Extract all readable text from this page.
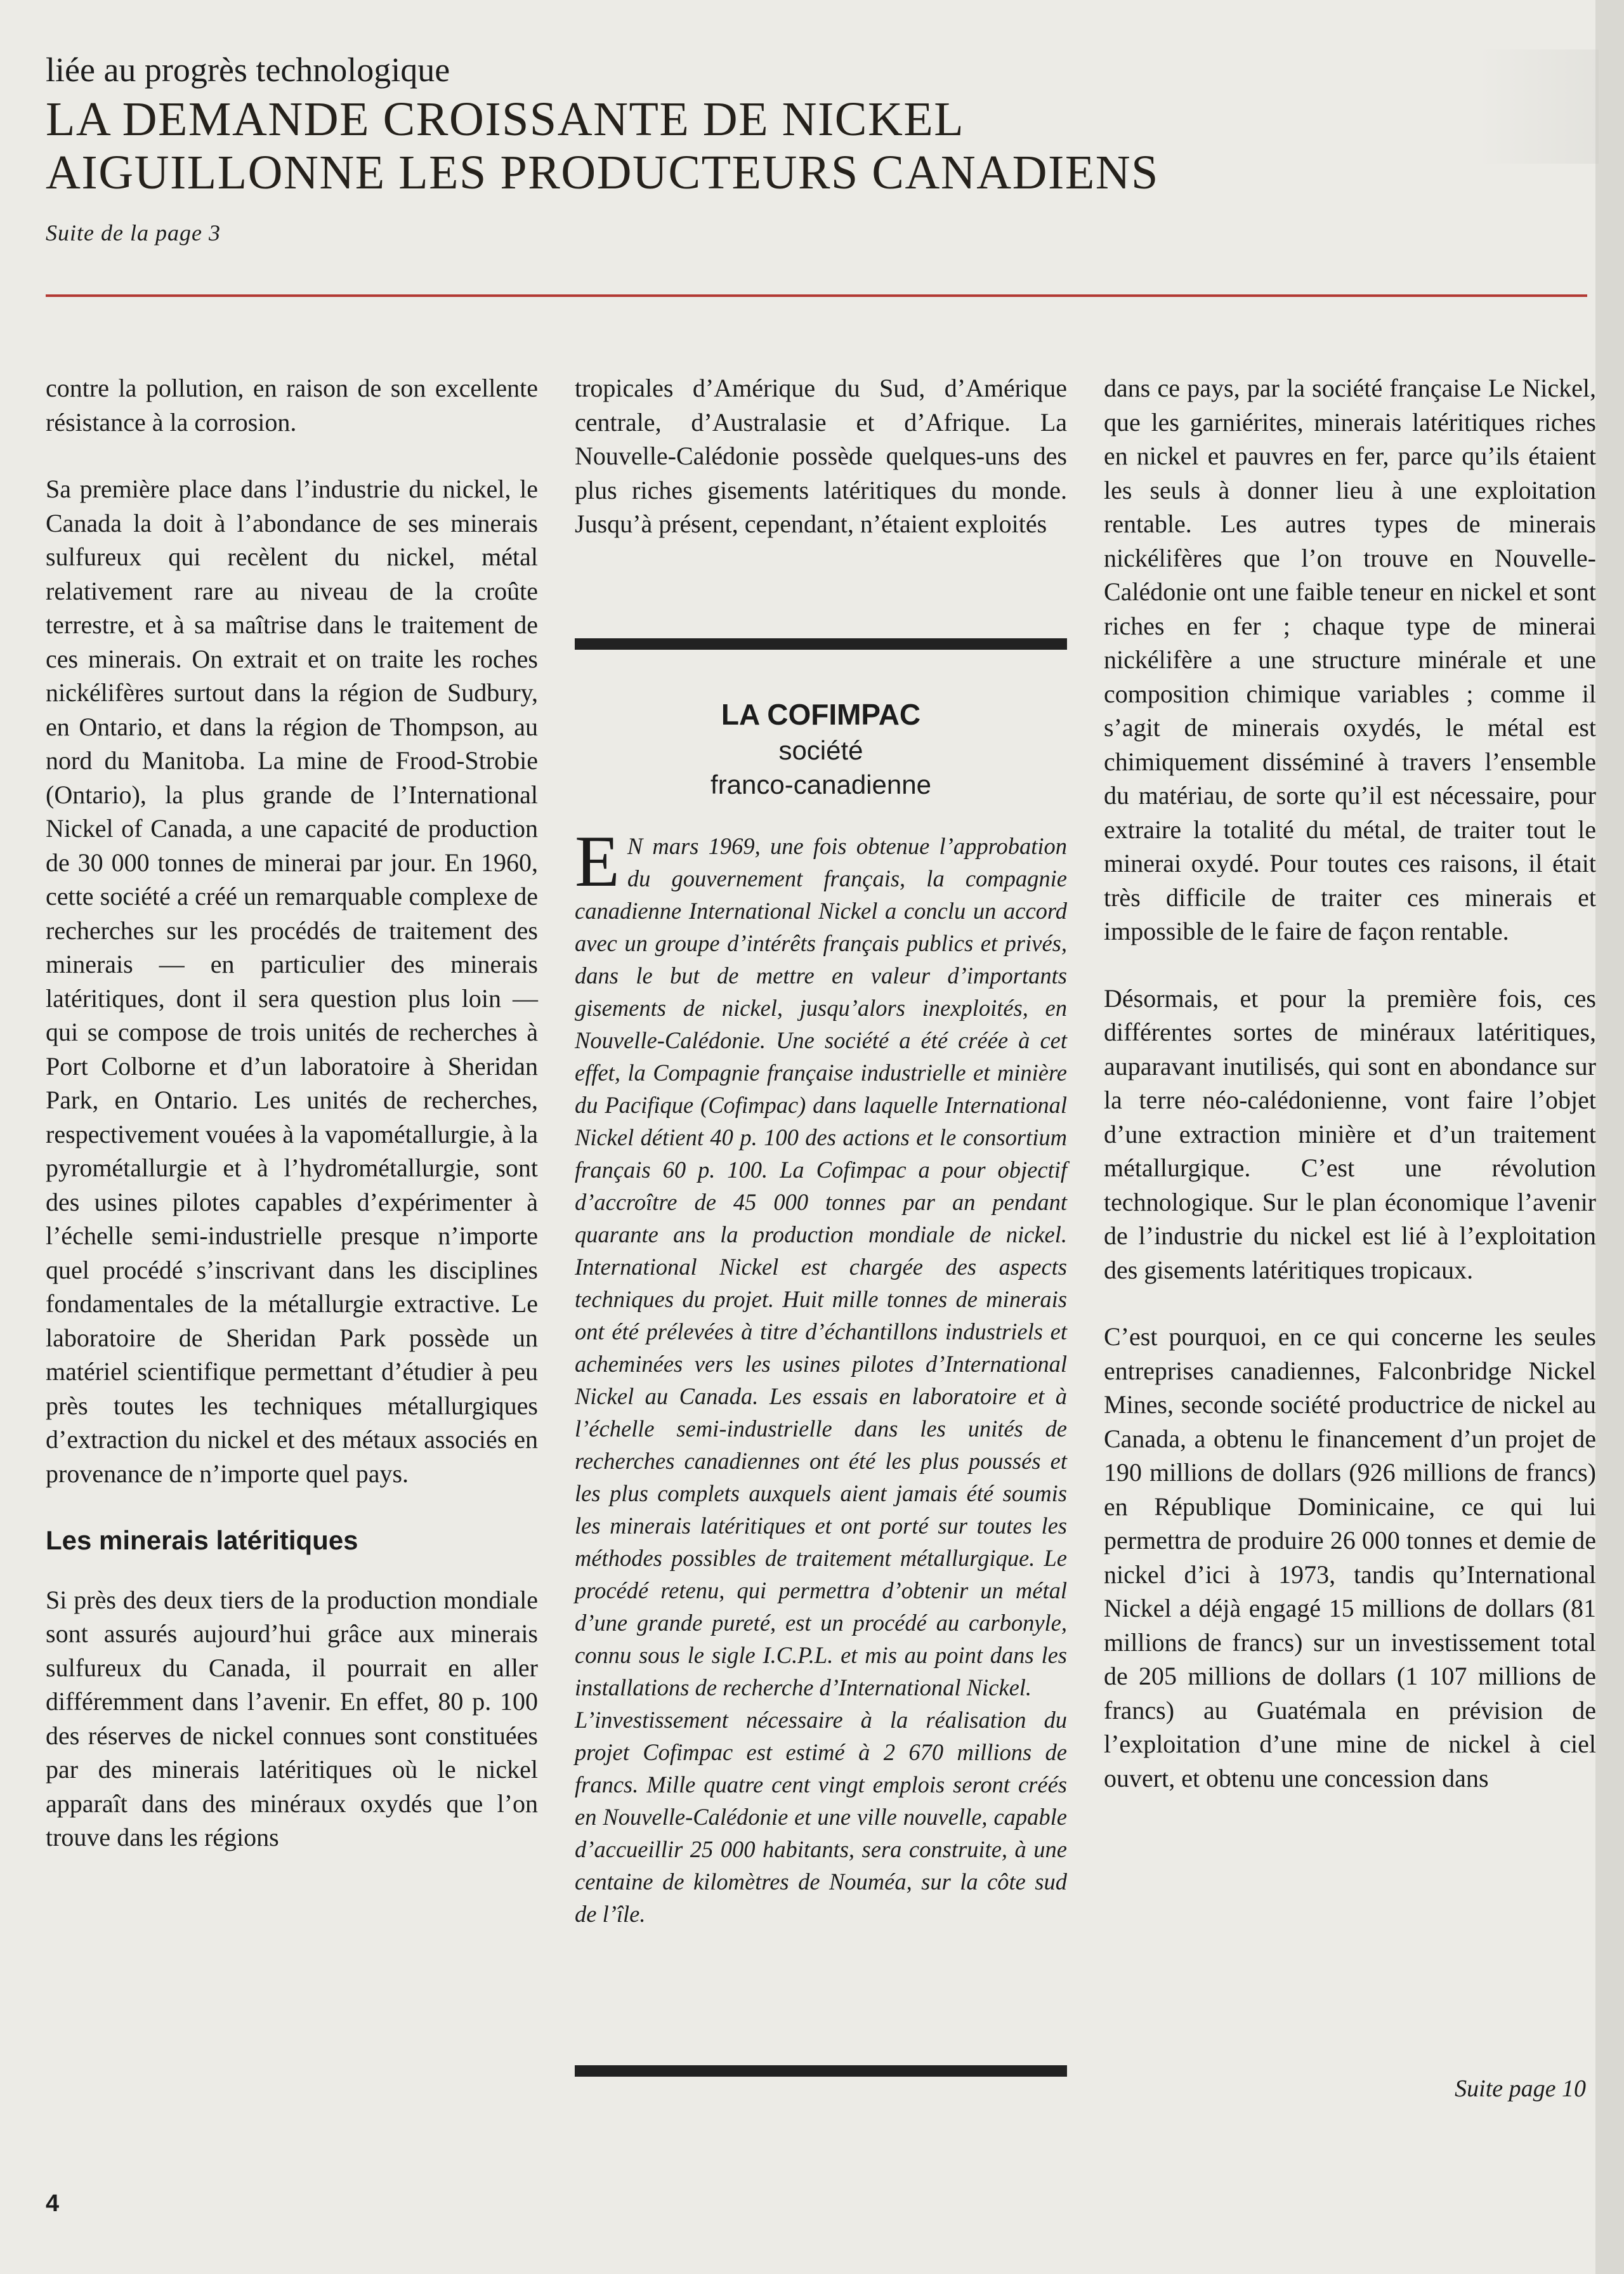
liée au progrès technologique

LA DEMANDE CROISSANTE DE NICKEL
AIGUILLONNE LES PRODUCTEURS CANADIENS
Suite de la page 3

contre la pollution, en raison de son excellente résistance à la corrosion.

Sa première place dans l’industrie du nickel, le Canada la doit à l’abondance de ses minerais sulfureux qui recèlent du nickel, métal relativement rare au niveau de la croûte terrestre, et à sa maîtrise dans le traitement de ces minerais. On extrait et on traite les roches nickélifères surtout dans la région de Sudbury, en Ontario, et dans la région de Thompson, au nord du Manitoba. La mine de Frood-Strobie (Ontario), la plus grande de l’International Nickel of Canada, a une capacité de production de 30 000 tonnes de minerai par jour. En 1960, cette société a créé un remarquable complexe de recherches sur les procédés de traitement des minerais — en particulier des minerais latéritiques, dont il sera question plus loin — qui se compose de trois unités de recherches à Port Colborne et d’un laboratoire à Sheridan Park, en Ontario. Les unités de recherches, respectivement vouées à la vapométallurgie, à la pyrométallurgie et à l’hydrométallurgie, sont des usines pilotes capables d’expérimenter à l’échelle semi-industrielle presque n’importe quel procédé s’inscrivant dans les disciplines fondamentales de la métallurgie extractive. Le laboratoire de Sheridan Park possède un matériel scientifique permettant d’étudier à peu près toutes les techniques métallurgiques d’extraction du nickel et des métaux associés en provenance de n’importe quel pays.

Les minerais latéritiques

Si près des deux tiers de la production mondiale sont assurés aujourd’hui grâce aux minerais sulfureux du Canada, il pourrait en aller différemment dans l’avenir. En effet, 80 p. 100 des réserves de nickel connues sont constituées par des minerais latéritiques où le nickel apparaît dans des minéraux oxydés que l’on trouve dans les régions

tropicales d’Amérique du Sud, d’Amérique centrale, d’Australasie et d’Afrique. La Nouvelle-Calédonie possède quelques-uns des plus riches gisements latéritiques du monde. Jusqu’à présent, cependant, n’étaient exploités

LA COFIMPAC

société
franco-canadienne

E N mars 1969, une fois obtenue l’approbation du gouvernement français, la compagnie canadienne International Nickel a conclu un accord avec un groupe d’intérêts français publics et privés, dans le but de mettre en valeur d’importants gisements de nickel, jusqu’alors inexploités, en Nouvelle-Calédonie. Une société a été créée à cet effet, la Compagnie française industrielle et minière du Pacifique (Cofimpac) dans laquelle International Nickel détient 40 p. 100 des actions et le consortium français 60 p. 100. La Cofimpac a pour objectif d’accroître de 45 000 tonnes par an pendant quarante ans la production mondiale de nickel. International Nickel est chargée des aspects techniques du projet. Huit mille tonnes de minerais ont été prélevées à titre d’échantillons industriels et acheminées vers les usines pilotes d’International Nickel au Canada. Les essais en laboratoire et à l’échelle semi-industrielle dans les unités de recherches canadiennes ont été les plus poussés et les plus complets auxquels aient jamais été soumis les minerais latéritiques et ont porté sur toutes les méthodes possibles de traitement métallurgique. Le procédé retenu, qui permettra d’obtenir un métal d’une grande pureté, est un procédé au carbonyle, connu sous le sigle I.C.P.L. et mis au point dans les installations de recherche d’International Nickel.

L’investissement nécessaire à la réalisation du projet Cofimpac est estimé à 2 670 millions de francs. Mille quatre cent vingt emplois seront créés en Nouvelle-Calédonie et une ville nouvelle, capable d’accueillir 25 000 habitants, sera construite, à une centaine de kilomètres de Nouméa, sur la côte sud de l’île.

dans ce pays, par la société française Le Nickel, que les garniérites, minerais latéritiques riches en nickel et pauvres en fer, parce qu’ils étaient les seuls à donner lieu à une exploitation rentable. Les autres types de minerais nickélifères que l’on trouve en Nouvelle-Calédonie ont une faible teneur en nickel et sont riches en fer ; chaque type de minerai nickélifère a une structure minérale et une composition chimique variables ; comme il s’agit de minerais oxydés, le métal est chimiquement disséminé à travers l’ensemble du matériau, de sorte qu’il est nécessaire, pour extraire la totalité du métal, de traiter tout le minerai oxydé. Pour toutes ces raisons, il était très difficile de traiter ces minerais et impossible de le faire de façon rentable.

Désormais, et pour la première fois, ces différentes sortes de minéraux latéritiques, auparavant inutilisés, qui sont en abondance sur la terre néo-calédonienne, vont faire l’objet d’une extraction minière et d’un traitement métallurgique. C’est une révolution technologique. Sur le plan économique l’avenir de l’industrie du nickel est lié à l’exploitation des gisements latéritiques tropicaux.

C’est pourquoi, en ce qui concerne les seules entreprises canadiennes, Falconbridge Nickel Mines, seconde société productrice de nickel au Canada, a obtenu le financement d’un projet de 190 millions de dollars (926 millions de francs) en République Dominicaine, ce qui lui permettra de produire 26 000 tonnes et demie de nickel d’ici à 1973, tandis qu’International Nickel a déjà engagé 15 millions de dollars (81 millions de francs) sur un investissement total de 205 millions de dollars (1 107 millions de francs) au Guatémala en prévision de l’exploitation d’une mine de nickel à ciel ouvert, et obtenu une concession dans

Suite page 10
4
